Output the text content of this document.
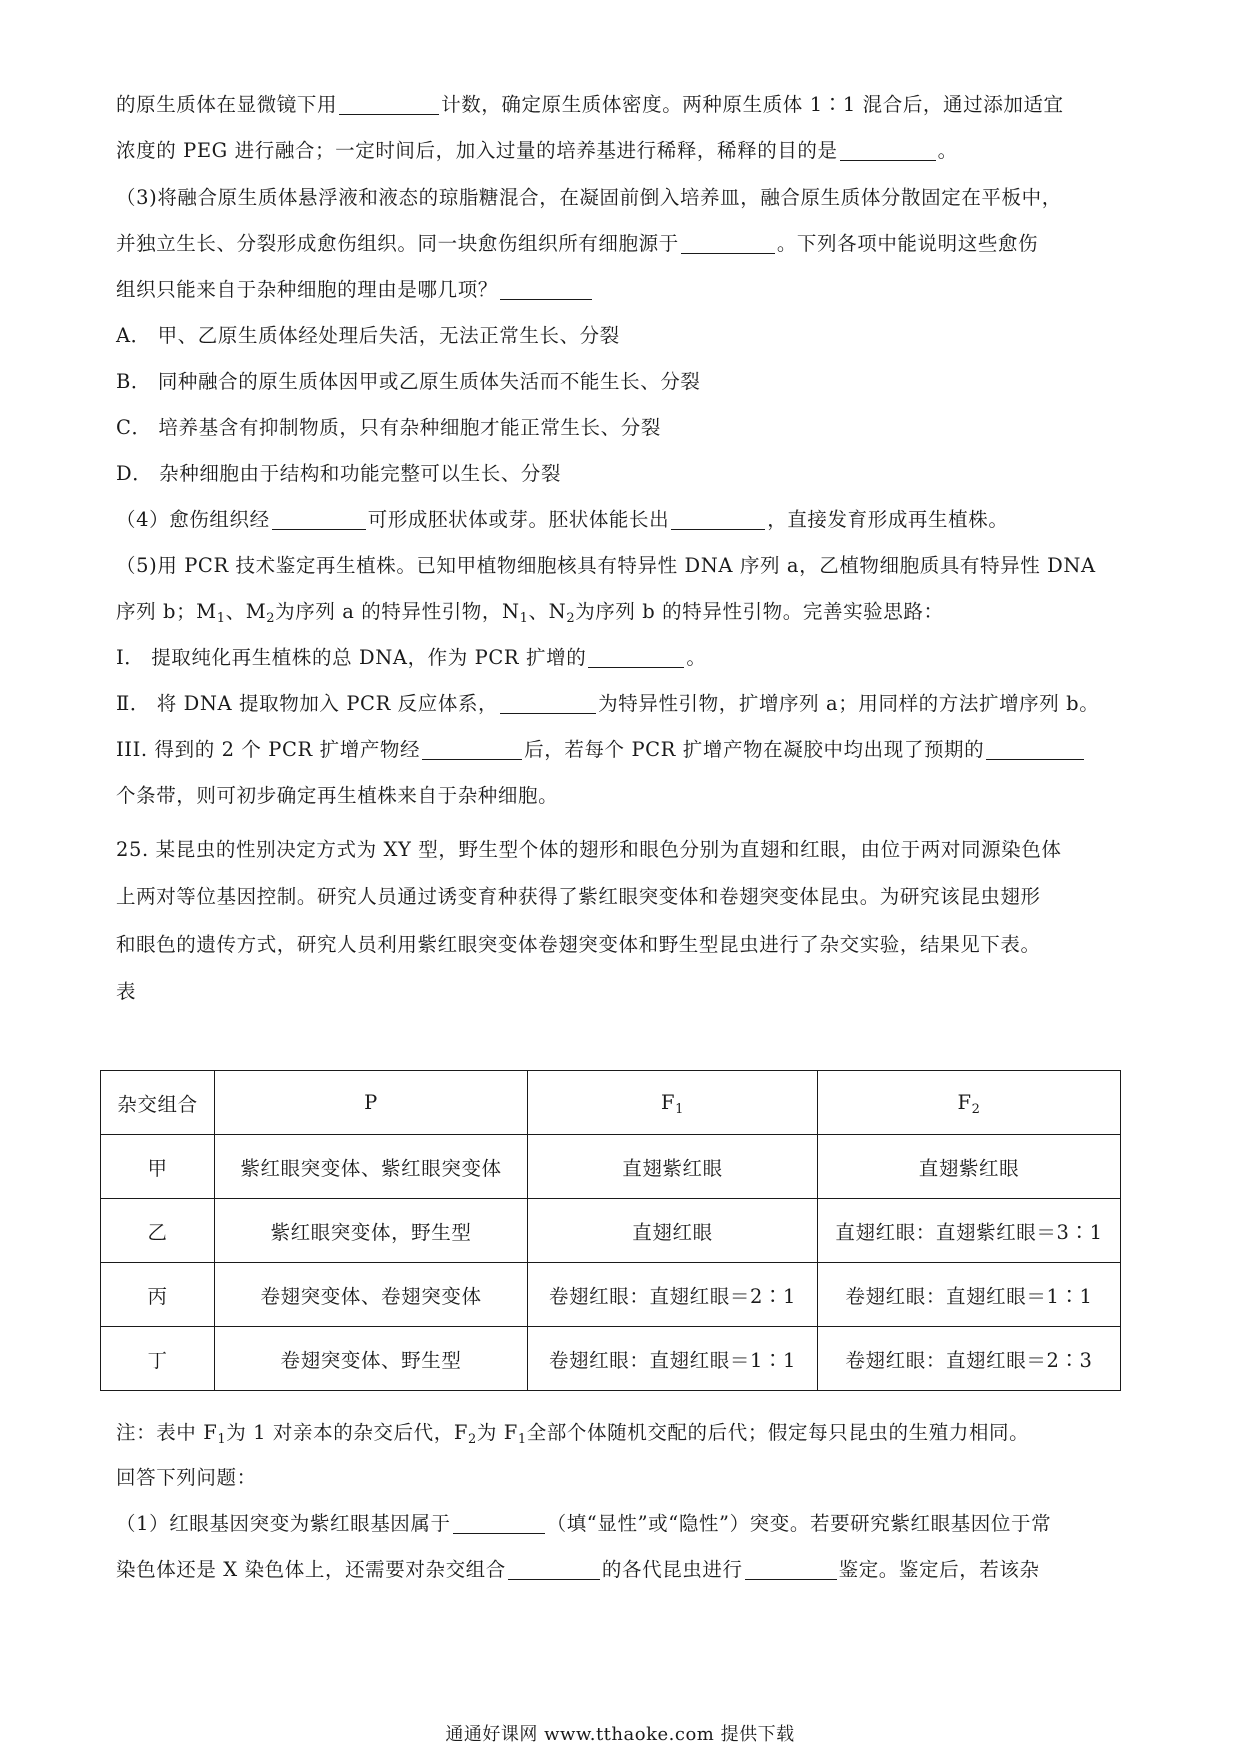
的原生质体在显微镜下用	计数，确定原生质体密度。两种原生质体 1∶1 混合后，通过添加适宜
浓度的 PEG 进行融合；一定时间后，加入过量的培养基进行稀释，稀释的目的是	。
（3)将融合原生质体悬浮液和液态的琼脂糖混合，在凝固前倒入培养皿，融合原生质体分散固定在平板中，
并独立生长、分裂形成愈伤组织。同一块愈伤组织所有细胞源于	。下列各项中能说明这些愈伤
组织只能来自于杂种细胞的理由是哪几项？
A． 甲、乙原生质体经处理后失活，无法正常生长、分裂
B． 同种融合的原生质体因甲或乙原生质体失活而不能生长、分裂
C． 培养基含有抑制物质，只有杂种细胞才能正常生长、分裂
D． 杂种细胞由于结构和功能完整可以生长、分裂
（4）愈伤组织经	可形成胚状体或芽。胚状体能长出	，直接发育形成再生植株。
（5)用 PCR 技术鉴定再生植株。已知甲植物细胞核具有特异性 DNA 序列 a，乙植物细胞质具有特异性 DNA
序列 b；$M_1$、$M_2$为序列 a 的特异性引物，$N_1$、$N_2$为序列 b 的特异性引物。完善实验思路：
Ⅰ． 提取纯化再生植株的总 DNA，作为 PCR 扩增的	。
Ⅱ． 将 DNA 提取物加入 PCR 反应体系，	为特异性引物，扩增序列 a；用同样的方法扩增序列 b。
III. 得到的 2 个 PCR 扩增产物经	后，若每个 PCR 扩增产物在凝胶中均出现了预期的
个条带，则可初步确定再生植株来自于杂种细胞。
25. 某昆虫的性别决定方式为 XY 型，野生型个体的翅形和眼色分别为直翅和红眼，由位于两对同源染色体
上两对等位基因控制。研究人员通过诱变育种获得了紫红眼突变体和卷翅突变体昆虫。为研究该昆虫翅形
和眼色的遗传方式，研究人员利用紫红眼突变体卷翅突变体和野生型昆虫进行了杂交实验，结果见下表。
表
杂交组合	P	$F_1$	$F_2$
甲	紫红眼突变体、紫红眼突变体	直翅紫红眼	直翅紫红眼
乙	紫红眼突变体，野生型	直翅红眼	直翅红眼：直翅紫红眼＝3∶1
丙	卷翅突变体、卷翅突变体	卷翅红眼：直翅红眼＝2∶1	卷翅红眼：直翅红眼＝1∶1
丁	卷翅突变体、野生型	卷翅红眼：直翅红眼＝1∶1	卷翅红眼：直翅红眼＝2∶3
注：表中 $F_1$为 1 对亲本的杂交后代，$F_2$为 $F_1$全部个体随机交配的后代；假定每只昆虫的生殖力相同。
回答下列问题：
（1）红眼基因突变为紫红眼基因属于	（填“显性”或“隐性”）突变。若要研究紫红眼基因位于常
染色体还是 X 染色体上，还需要对杂交组合	的各代昆虫进行	鉴定。鉴定后，若该杂
通通好课网 www.tthaoke.com 提供下载
